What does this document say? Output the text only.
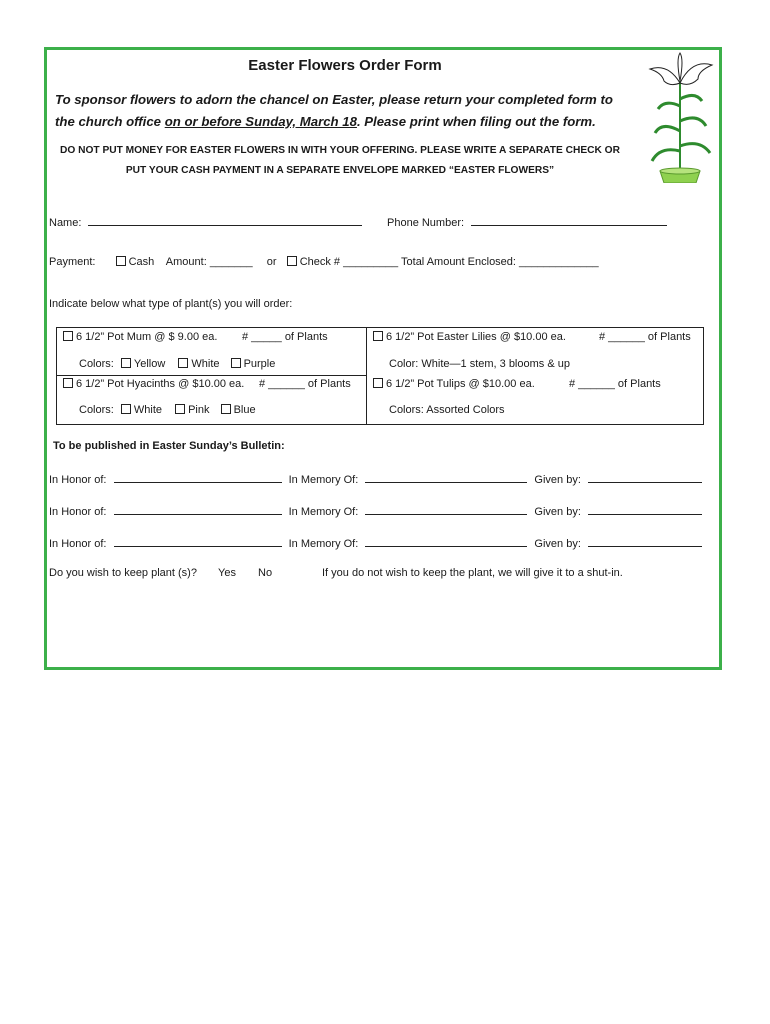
Easter Flowers Order Form
To sponsor flowers to adorn the chancel on Easter, please return your completed form to the church office on or before Sunday, March 18. Please print when filing out the form.
DO NOT PUT MONEY FOR EASTER FLOWERS IN WITH YOUR OFFERING. PLEASE WRITE A SEPARATE CHECK OR PUT YOUR CASH PAYMENT IN A SEPARATE ENVELOPE MARKED “EASTER FLOWERS”
Name:	Phone Number:
Payment:	Cash Amount: _______ or Check # _________ Total Amount Enclosed: _____________
Indicate below what type of plant(s) you will order:
6 1/2” Pot Mum @ $ 9.00 ea. # _____ of Plants
Colors: Yellow White Purple
6 1/2” Pot Easter Lilies @ $10.00 ea.	# ______ of Plants
Color: White—1 stem, 3 blooms & up
6 1/2” Pot Hyacinths @ $10.00 ea. # ______ of Plants
Colors: White Pink Blue
6 1/2” Pot Tulips @ $10.00 ea.	# ______ of Plants
Colors: Assorted Colors
To be published in Easter Sunday’s Bulletin:
In Honor of:	In Memory Of:	Given by:
In Honor of:	In Memory Of:	Given by:
In Honor of:	In Memory Of:	Given by:
Do you wish to keep plant (s)? Yes No	If you do not wish to keep the plant, we will give it to a shut-in.
